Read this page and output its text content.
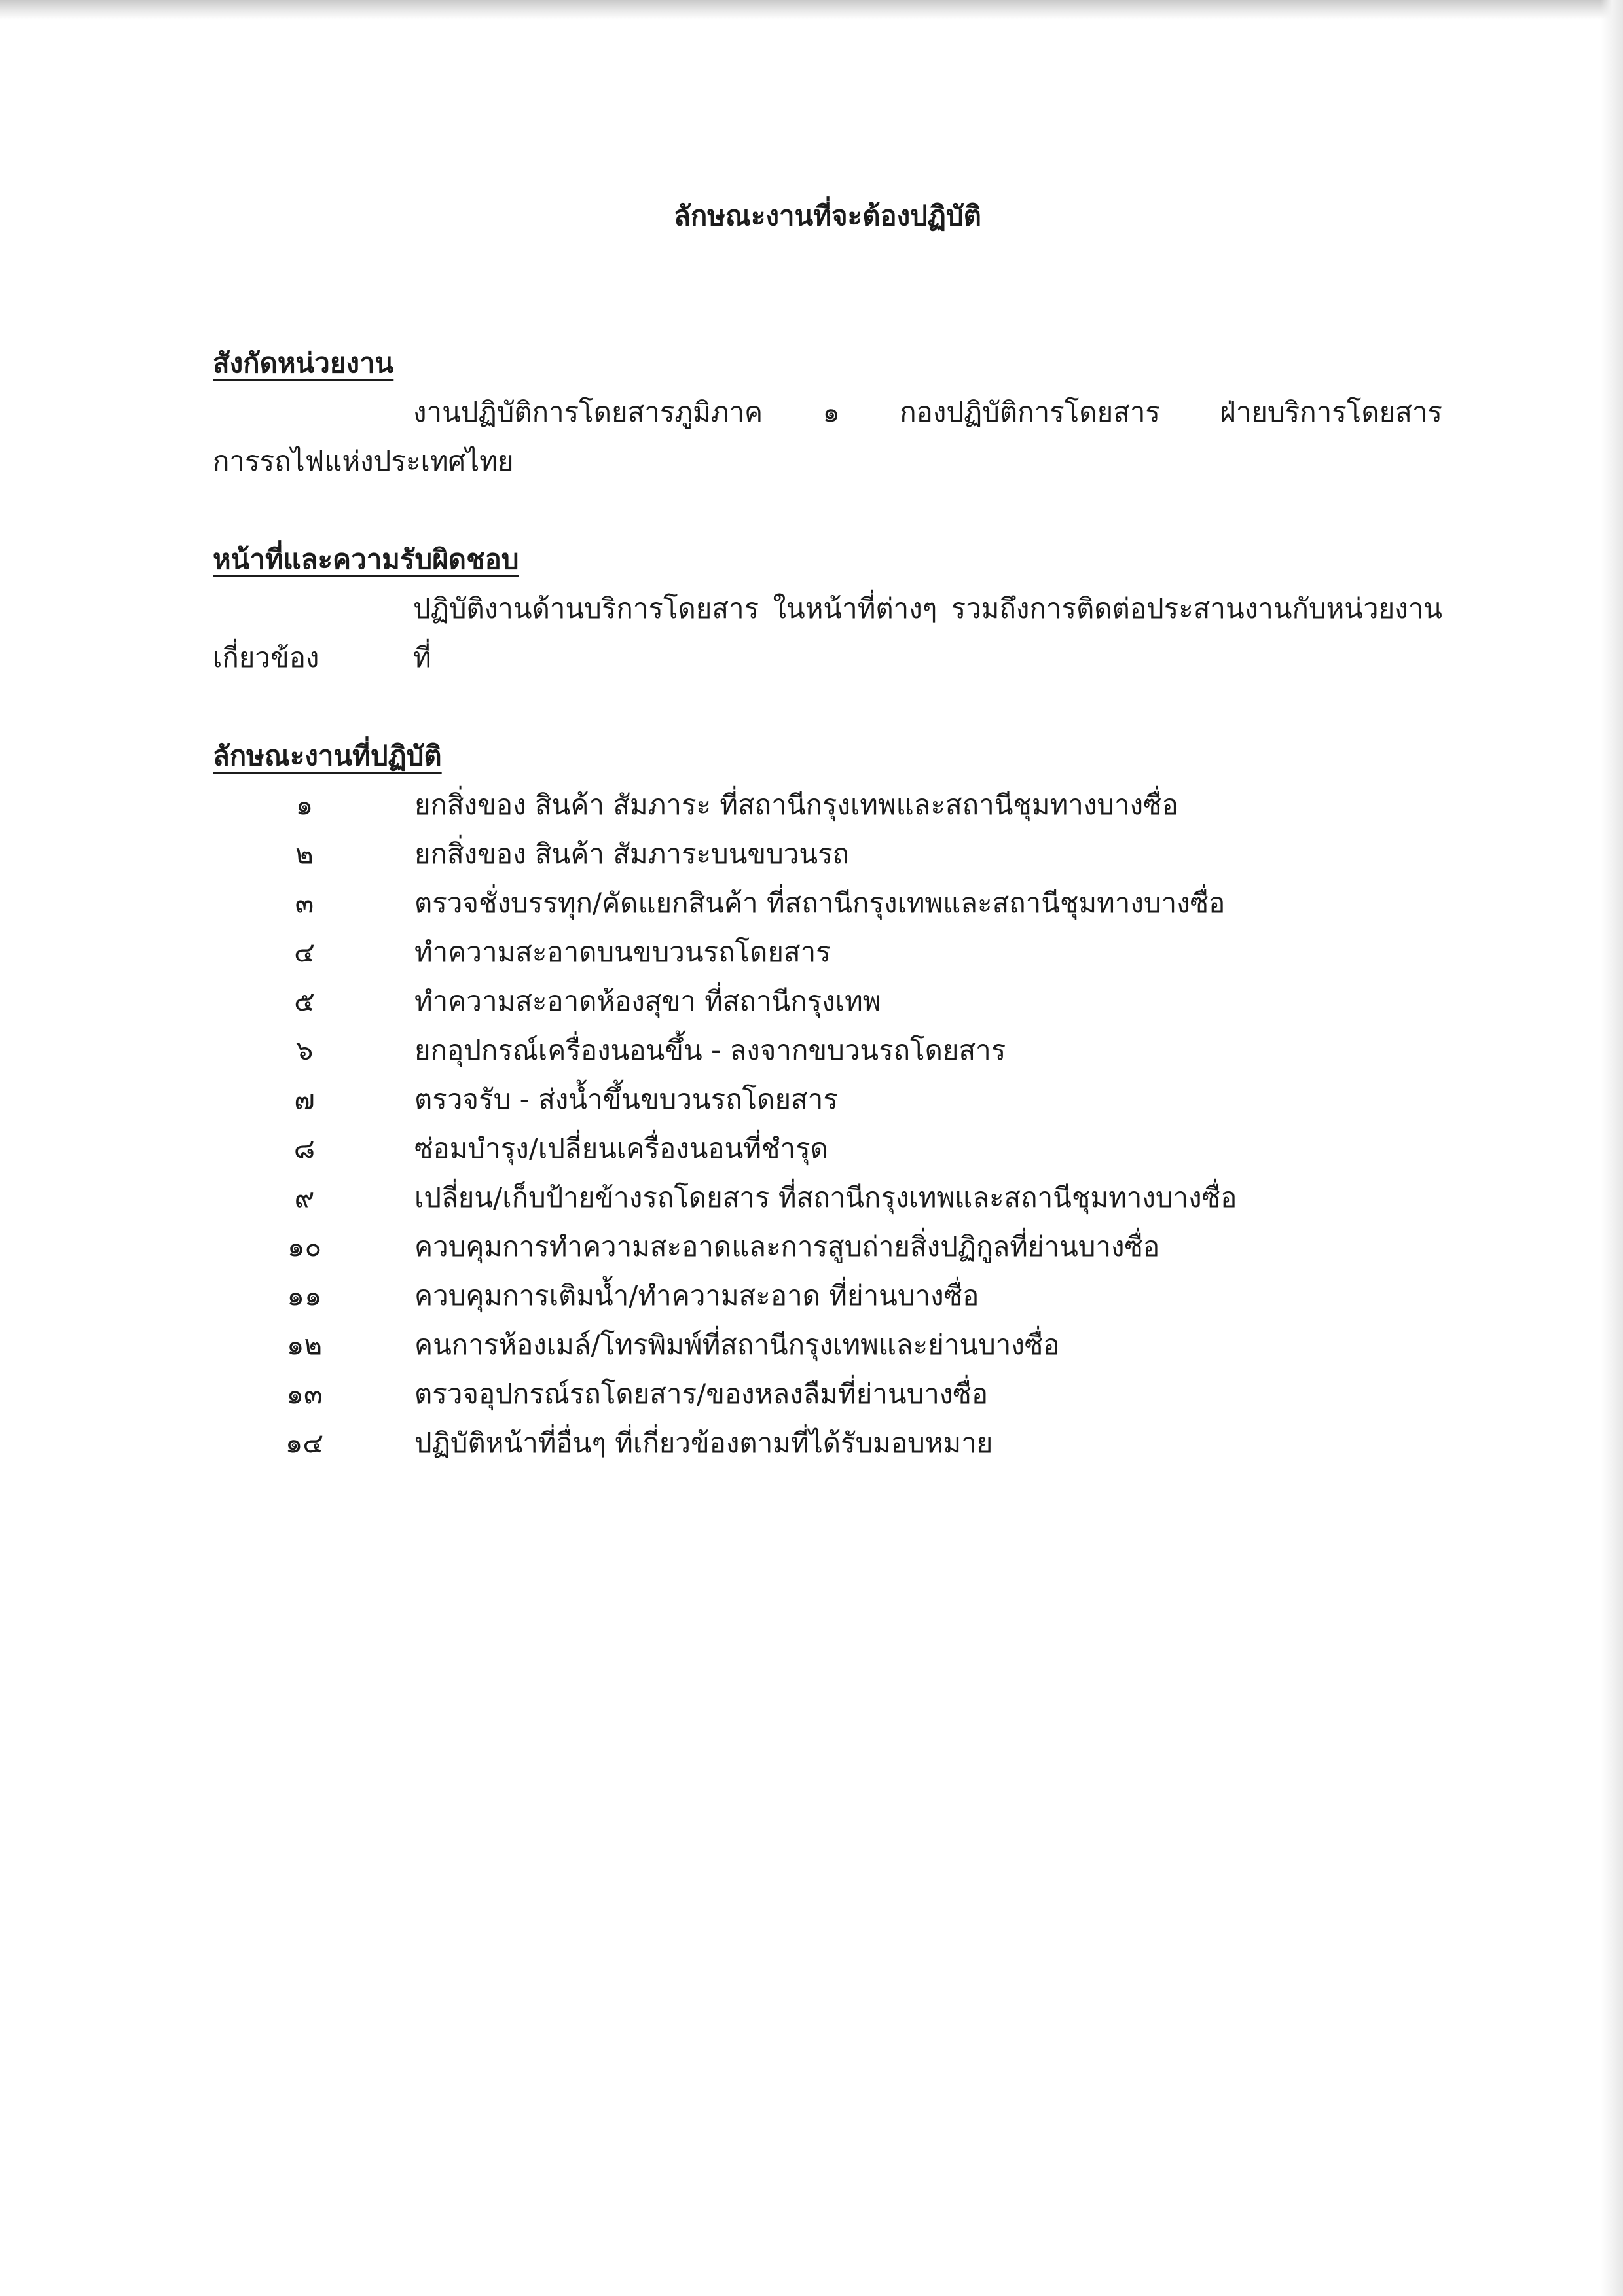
ลักษณะงานที่จะต้องปฏิบัติ
สังกัดหน่วยงาน
งานปฏิบัติการโดยสารภูมิภาค ๑ กองปฏิบัติการโดยสาร ฝ่ายบริการโดยสาร
การรถไฟแห่งประเทศไทย
หน้าที่และความรับผิดชอบ
ปฏิบัติงานด้านบริการโดยสาร ในหน้าที่ต่างๆ รวมถึงการติดต่อประสานงานกับหน่วยงานที่
เกี่ยวข้อง
ลักษณะงานที่ปฏิบัติ
๑	ยกสิ่งของ สินค้า สัมภาระ ที่สถานีกรุงเทพและสถานีชุมทางบางซื่อ
๒	ยกสิ่งของ สินค้า สัมภาระบนขบวนรถ
๓	ตรวจชั่งบรรทุก/คัดแยกสินค้า ที่สถานีกรุงเทพและสถานีชุมทางบางซื่อ
๔	ทำความสะอาดบนขบวนรถโดยสาร
๕	ทำความสะอาดห้องสุขา ที่สถานีกรุงเทพ
๖	ยกอุปกรณ์เครื่องนอนขึ้น - ลงจากขบวนรถโดยสาร
๗	ตรวจรับ - ส่งน้ำขึ้นขบวนรถโดยสาร
๘	ซ่อมบำรุง/เปลี่ยนเครื่องนอนที่ชำรุด
๙	เปลี่ยน/เก็บป้ายข้างรถโดยสาร ที่สถานีกรุงเทพและสถานีชุมทางบางซื่อ
๑๐	ควบคุมการทำความสะอาดและการสูบถ่ายสิ่งปฏิกูลที่ย่านบางซื่อ
๑๑	ควบคุมการเติมน้ำ/ทำความสะอาด ที่ย่านบางซื่อ
๑๒	คนการห้องเมล์/โทรพิมพ์ที่สถานีกรุงเทพและย่านบางซื่อ
๑๓	ตรวจอุปกรณ์รถโดยสาร/ของหลงลืมที่ย่านบางซื่อ
๑๔	ปฏิบัติหน้าที่อื่นๆ ที่เกี่ยวข้องตามที่ได้รับมอบหมาย
